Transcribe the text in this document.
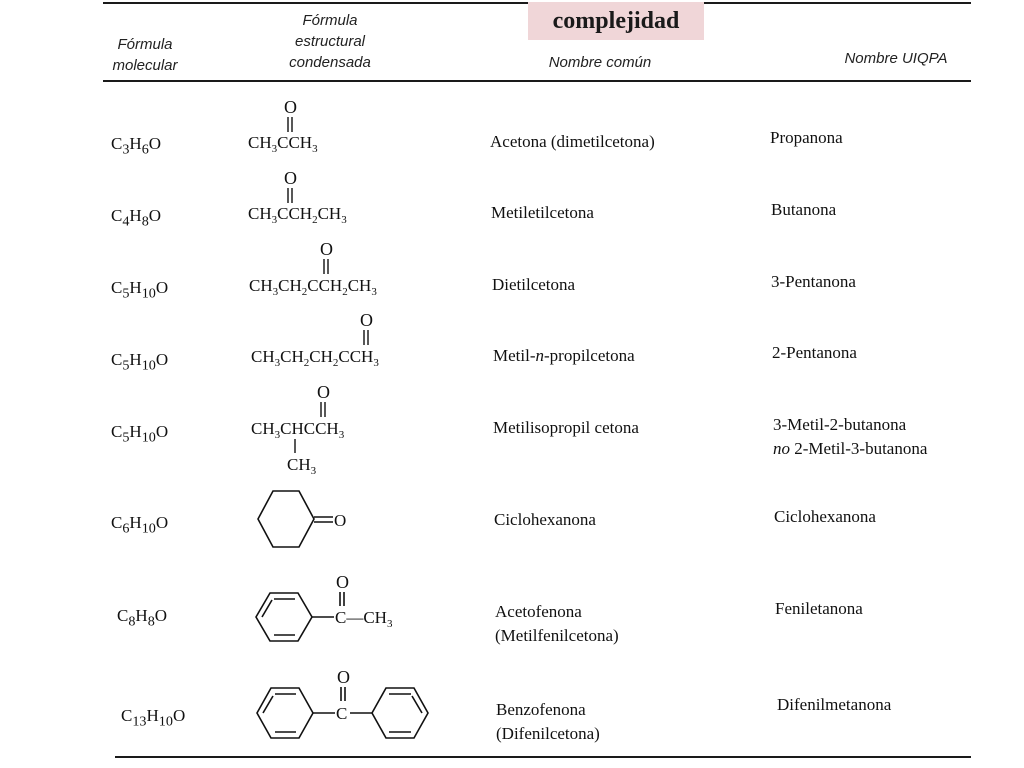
Fórmula
molecular
Fórmula
estructural
condensada
complejidad
Nombre común	Nombre UIQPA
$C_3H_6O$
$C_4H_8O$
$C_5H_{10}O$
$C_5H_{10}O$
$C_5H_{10}O$
$C_6H_{10}O$
$C_8H_8O$
$C_{13}H_{10}O$
O
$CH_3CCH_3$
O
$CH_3CCH_2CH_3$
O
$CH_3CH_2CCH_2CH_3$
O
$CH_3CH_2CH_2CCH_3$
O
$CH_3CHCCH_3$
$CH_3$
O
$C—CH_3$
O
C
O
Acetona (dimetilcetona)
Metiletilcetona
Dietilcetona
Metil-n-propilcetona
Metilisopropil cetona
Ciclohexanona
Acetofenona
(Metilfenilcetona)
Benzofenona
(Difenilcetona)
Propanona
Butanona
3-Pentanona
2-Pentanona
3-Metil-2-butanona
no 2-Metil-3-butanona
Ciclohexanona
Feniletanona
Difenilmetanona
